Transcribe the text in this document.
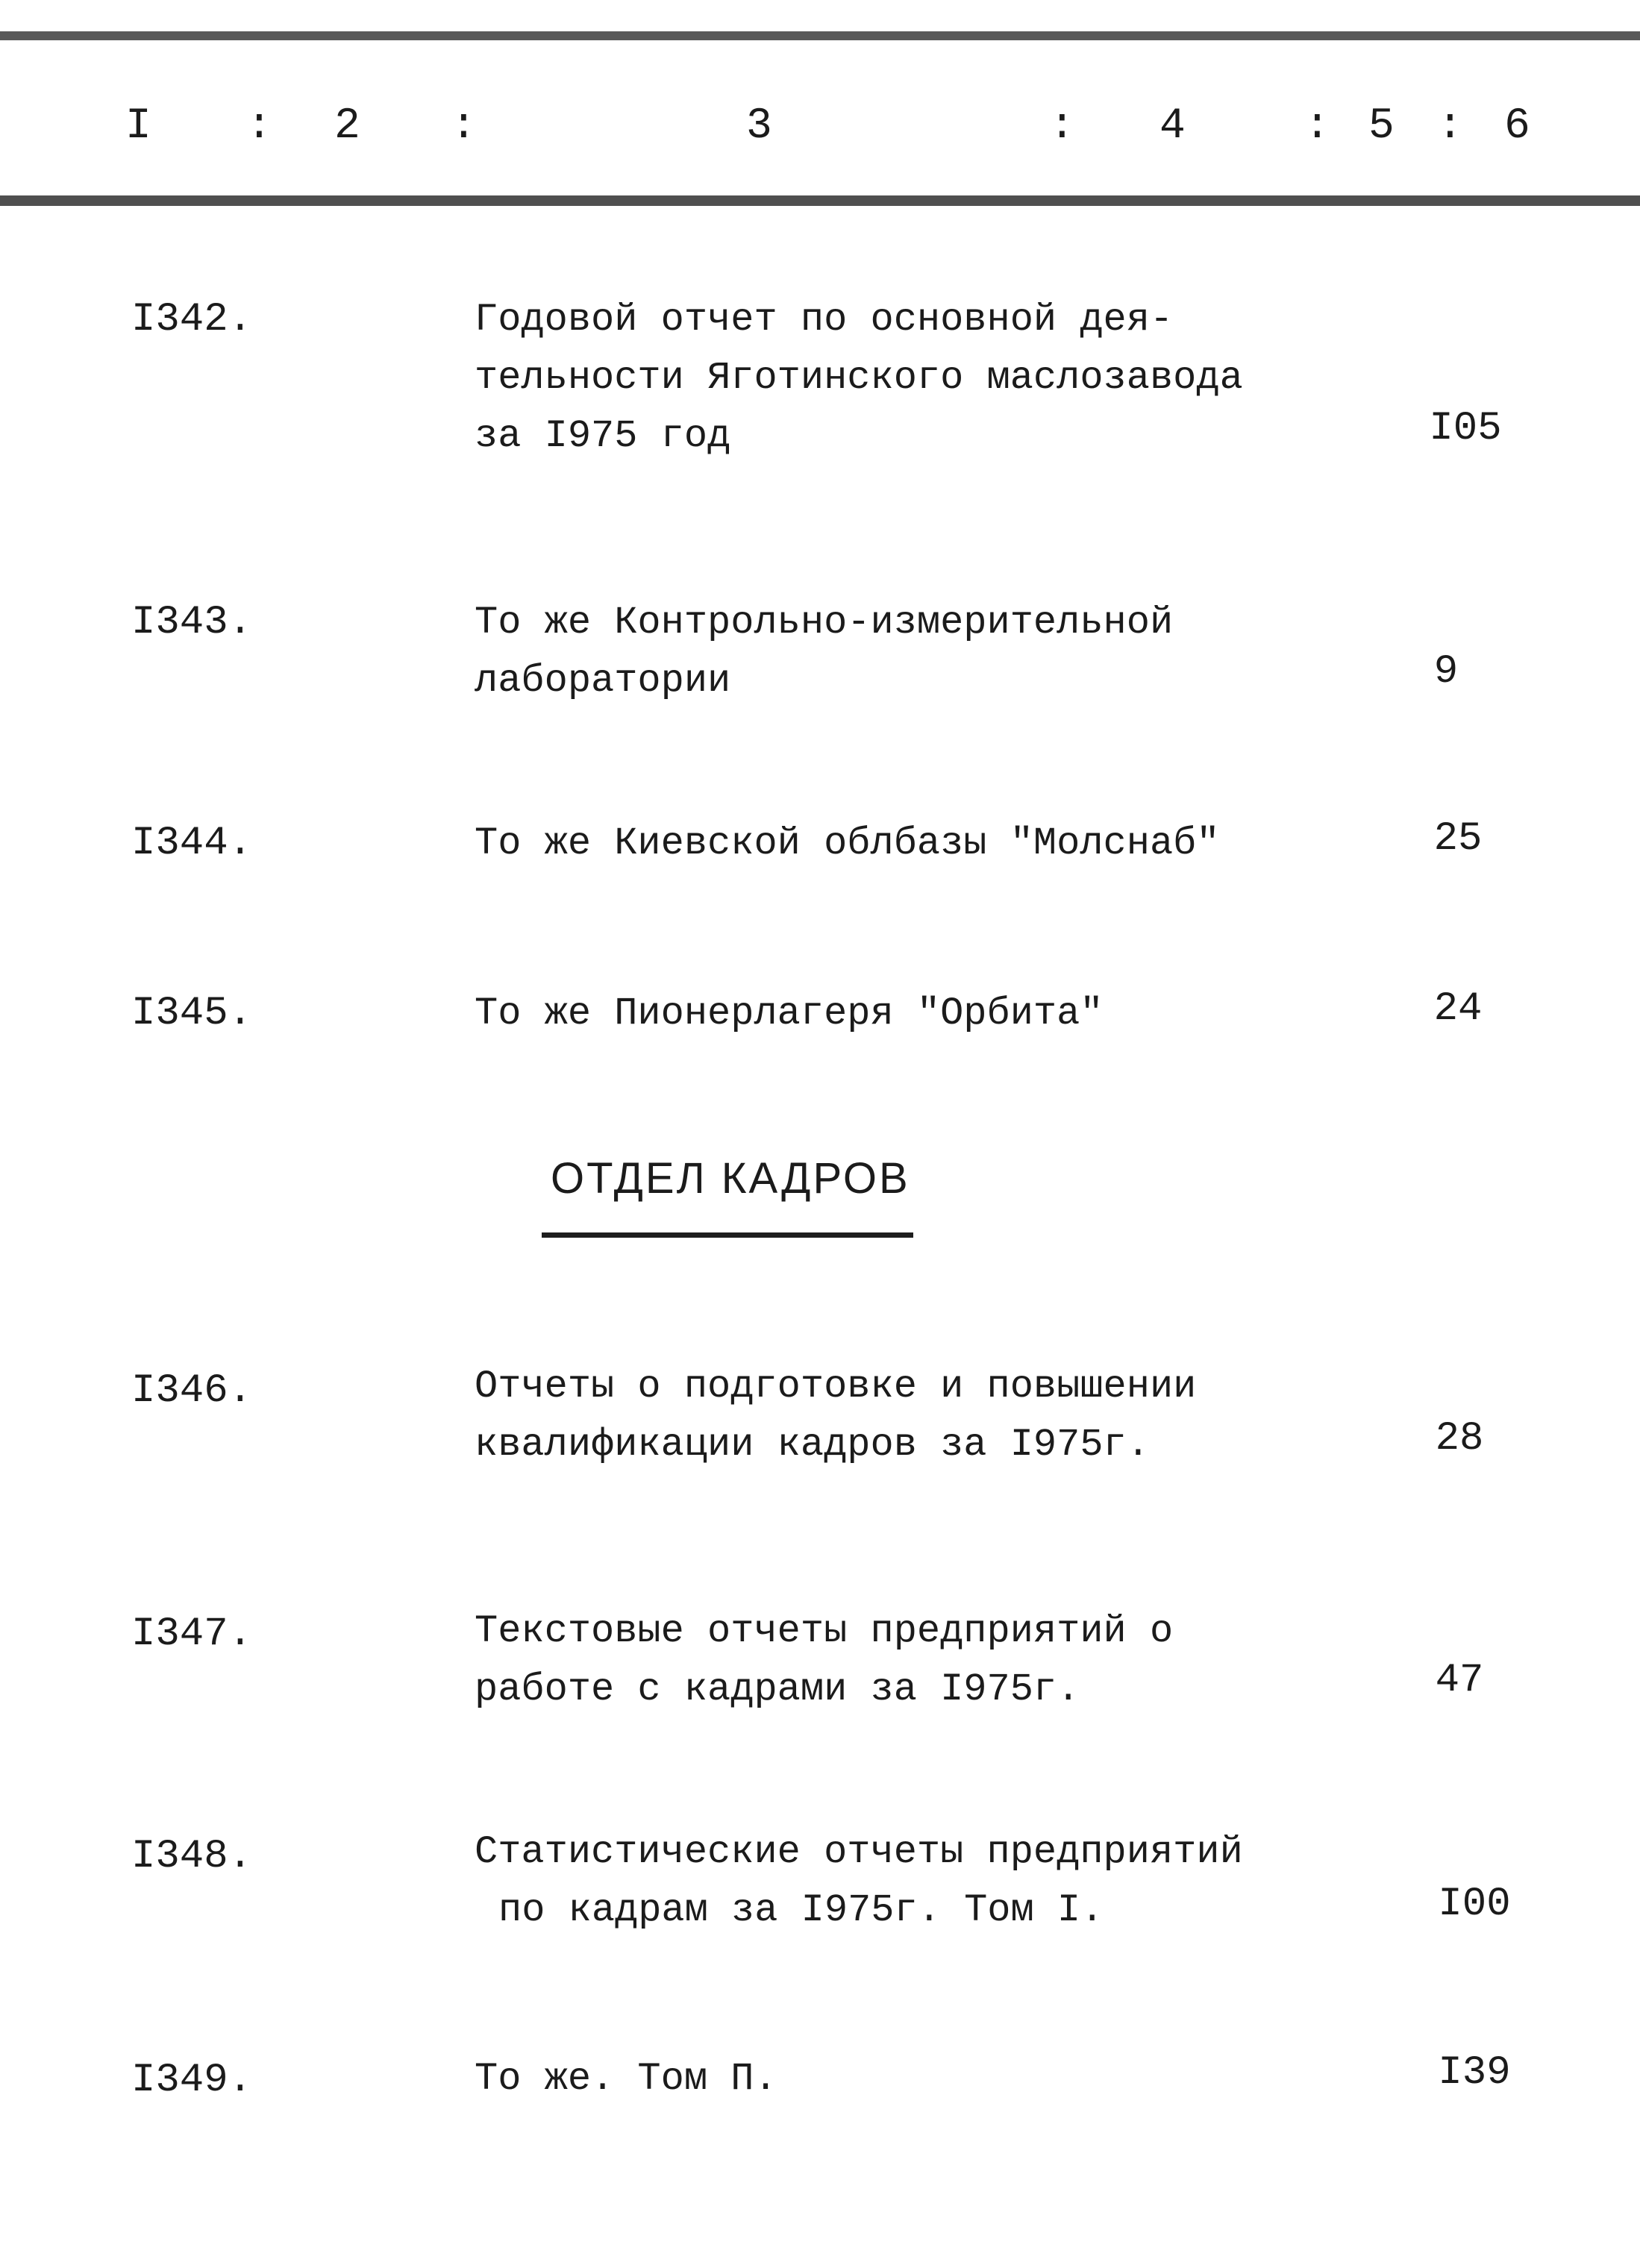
I : 2 :	3	: 4	: 5 : 6
I342.	Годовой отчет по основной дея-
тельности Яготинского маслозавода
за I975 год	I05
I343.	То же Контрольно-измерительной
лаборатории	9
I344.	То же Киевской облбазы "Молснаб"	25
I345.	То же Пионерлагеря "Орбита"	24
ОТДЕЛ КАДРОВ
I346.	Отчеты о подготовке и повышении
квалификации кадров за I975г.	28
I347.	Текстовые отчеты предприятий о
работе с кадрами за I975г.	47
I348.	Статистические отчеты предприятий
по кадрам за I975г. Том I.	I00
I349.	То же. Том П.	I39
